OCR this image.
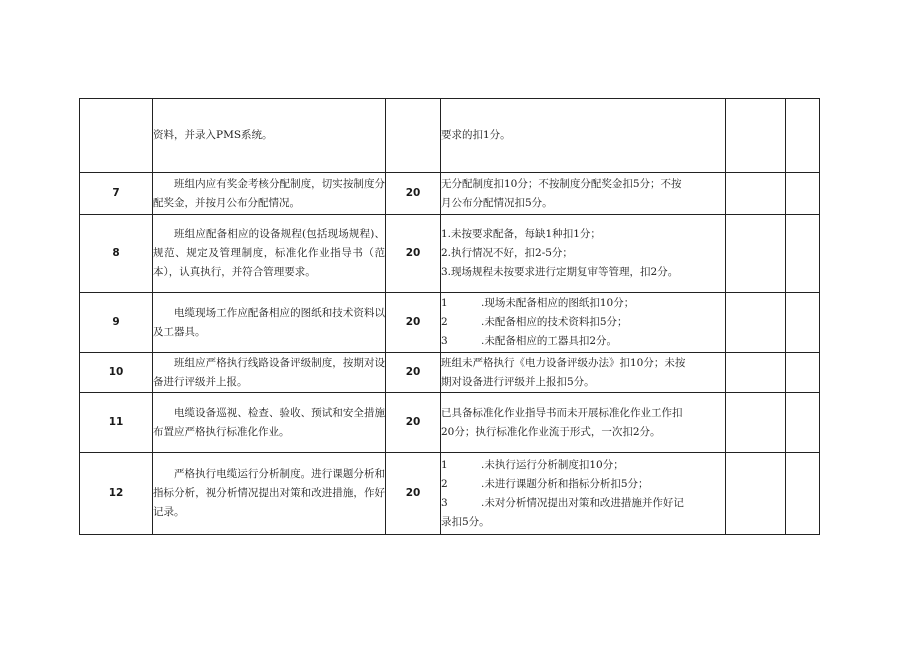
	资料，并录入PMS系统。		要求的扣1分。		

7	班组内应有奖金考核分配制度，切实按制度分配奖金，并按月公布分配情况。	20	无分配制度扣10分；不按制度分配奖金扣5分；不按
月公布分配情况扣5分。		

8	班组应配备相应的设备规程(包括现场规程)、规范、规定及管理制度，标准化作业指导书（范本），认真执行，并符合管理要求。	20	1.未按要求配备，每缺1种扣1分；
2.执行情况不好，扣2-5分；
3.现场规程未按要求进行定期复审等管理，扣2分。		

9	电缆现场工作应配备相应的图纸和技术资料以及工器具。	20	1 .现场未配备相应的图纸扣10分；
2 .未配备相应的技术资料扣5分；
3 .未配备相应的工器具扣2分。		

10	班组应严格执行线路设备评级制度，按期对设备进行评级并上报。	20	班组未严格执行《电力设备评级办法》扣10分；未按
期对设备进行评级并上报扣5分。		

11	电缆设备巡视、检查、验收、预试和安全措施布置应严格执行标准化作业。	20	已具备标准化作业指导书而未开展标准化作业工作扣
20分；执行标准化作业流于形式，一次扣2分。		

12	严格执行电缆运行分析制度。进行课题分析和指标分析，视分析情况提出对策和改进措施，作好记录。	20	1 .未执行运行分析制度扣10分；
2 .未进行课题分析和指标分析扣5分；
3 .未对分析情况提出对策和改进措施并作好记
录扣5分。		
